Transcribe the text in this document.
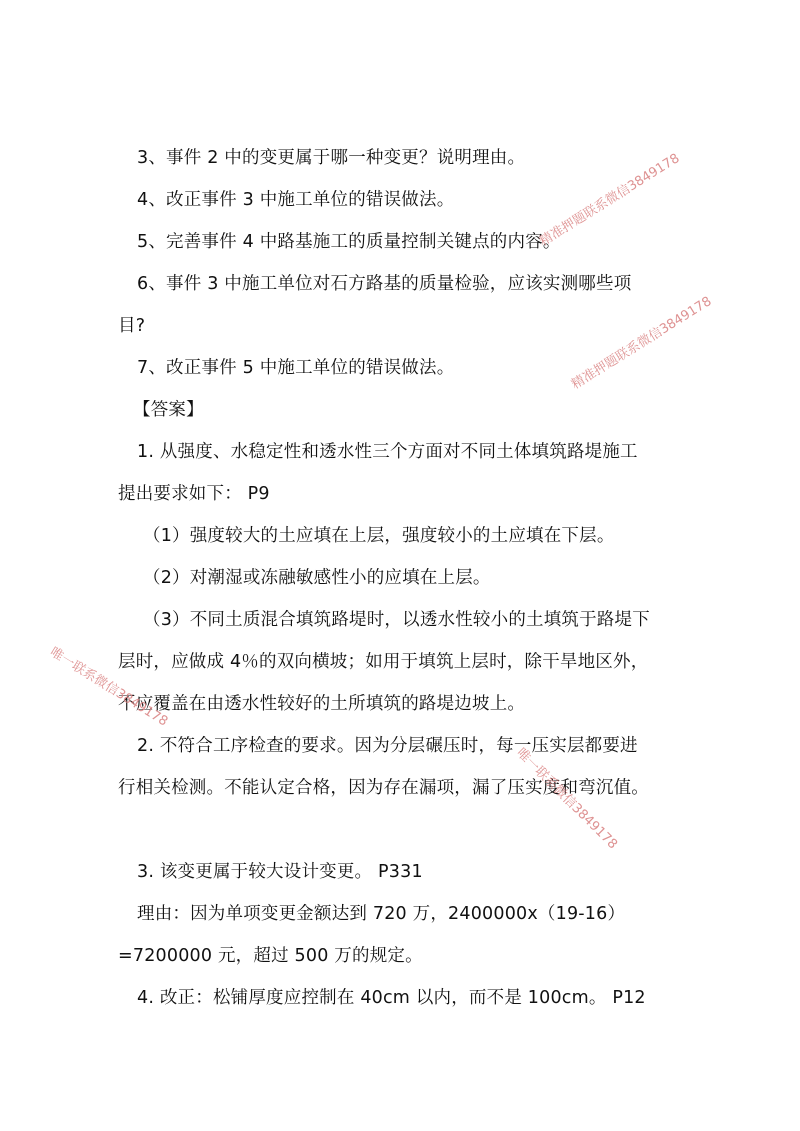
3、事件 2 中的变更属于哪一种变更？说明理由。
4、改正事件 3 中施工单位的错误做法。
5、完善事件 4 中路基施工的质量控制关键点的内容。
6、事件 3 中施工单位对石方路基的质量检验，应该实测哪些项
目?
7、改正事件 5 中施工单位的错误做法。
【答案】
1. 从强度、水稳定性和透水性三个方面对不同土体填筑路堤施工
提出要求如下： P9
（1）强度较大的土应填在上层，强度较小的土应填在下层。
（2）对潮湿或冻融敏感性小的应填在上层。
（3）不同土质混合填筑路堤时，以透水性较小的土填筑于路堤下
层时，应做成 4％的双向横坡；如用于填筑上层时，除干旱地区外，
不应覆盖在由透水性较好的土所填筑的路堤边坡上。
2. 不符合工序检查的要求。因为分层碾压时，每一压实层都要进
行相关检测。不能认定合格，因为存在漏项，漏了压实度和弯沉值。
3. 该变更属于较大设计变更。 P331
理由：因为单项变更金额达到 720 万，2400000x（19-16）
=7200000 元，超过 500 万的规定。
4. 改正：松铺厚度应控制在 40cm 以内，而不是 100cm。 P12
精准押题联系微信3849178
精准押题联系微信3849178
唯一联系微信3849178
唯一联系微信3849178
